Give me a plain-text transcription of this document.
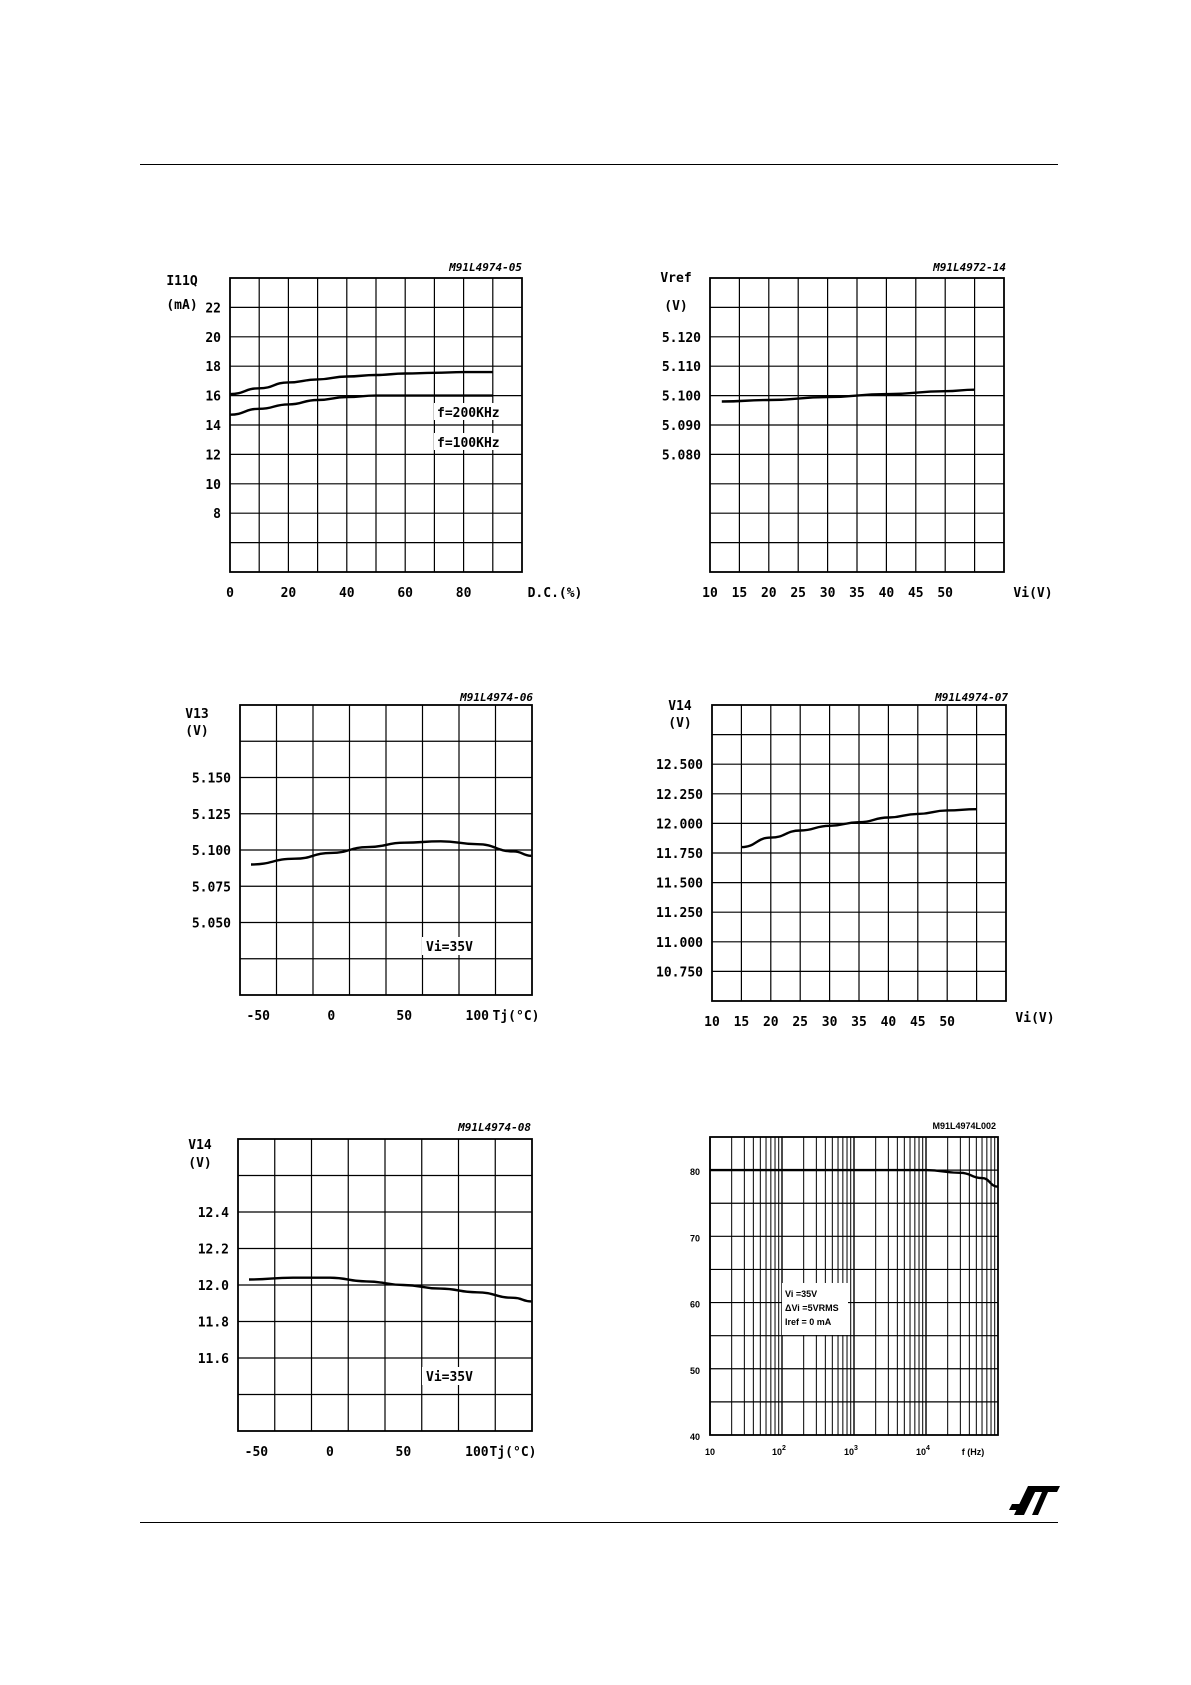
M91L4974-05
I11Q
(mA) 22
20
18
16
14
12
10
8
0	20	40	60	80	D.C.(%)
f=200KHz
f=100KHz
M91L4972-14
Vref
(V)
5.120
5.110
5.100
5.090
5.080
10 15 20 25 30 35 40 45 50	Vi(V)
M91L4974-06
V13
(V)
5.150
5.125
5.100
5.075
5.050
-50	0	50	100 Tj(°C)
Vi=35V
M91L4974-07
V14
(V)
12.500
12.250
12.000
11.750
11.500
11.250
11.000
10.750
10 15 20 25 30 35 40 45 50	Vi(V)
M91L4974-08
V14
(V)
12.4
12.2
12.0
11.8
11.6
-50	0	50	100 Tj(°C)
Vi=35V
M91L4974L002
80
70
60
50
40
10	$10^2$	$10^3$	$10^4$	f (Hz)
Vi =35V
ΔVi =5VRMS
Iref = 0 mA
